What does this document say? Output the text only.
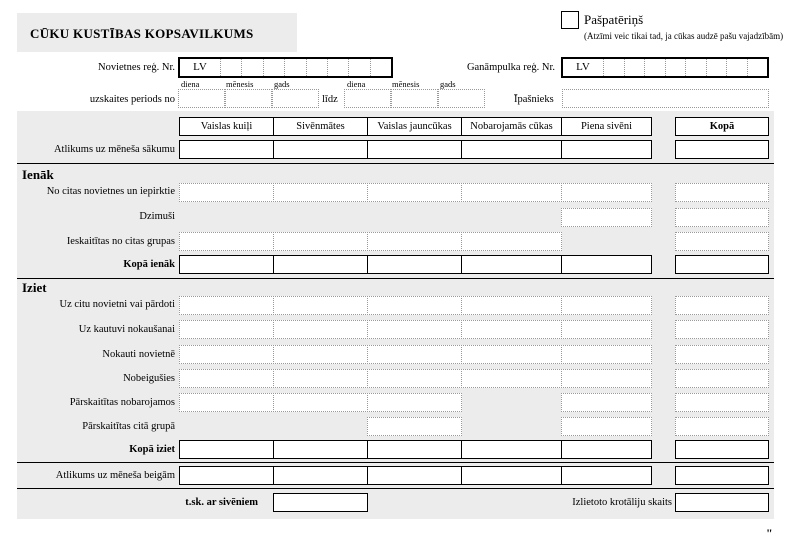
CŪKU KUSTĪBAS KOPSAVILKUMS
Pašpatēriņš
(Atzīmi veic tikai tad, ja cūkas audzē pašu vajadzībām)
Novietnes reģ. Nr.	LV	Ganāmpulka reģ. Nr.	LV
diena	mēnesis gads	diena	mēnesis gads
uzskaites periods no	līdz	Īpašnieks
Vaislas kuiļi	Sivēnmātes	Vaislas jauncūkas	Nobarojamās cūkas	Piena sivēni	Kopā
Atlikums uz mēneša sākumu
Ienāk
No citas novietnes un iepirktie
Dzimuši
Ieskaitītas no citas grupas
Kopā ienāk
Iziet
Uz citu novietni vai pārdoti
Uz kautuvi nokaušanai
Nokauti novietnē
Nobeigušies
Pārskaitītas nobarojamos
Pārskaitītas citā grupā
Kopā iziet
Atlikums uz mēneša beigām
t.sk. ar sivēniem	Izlietoto krotāliju skaits
"
